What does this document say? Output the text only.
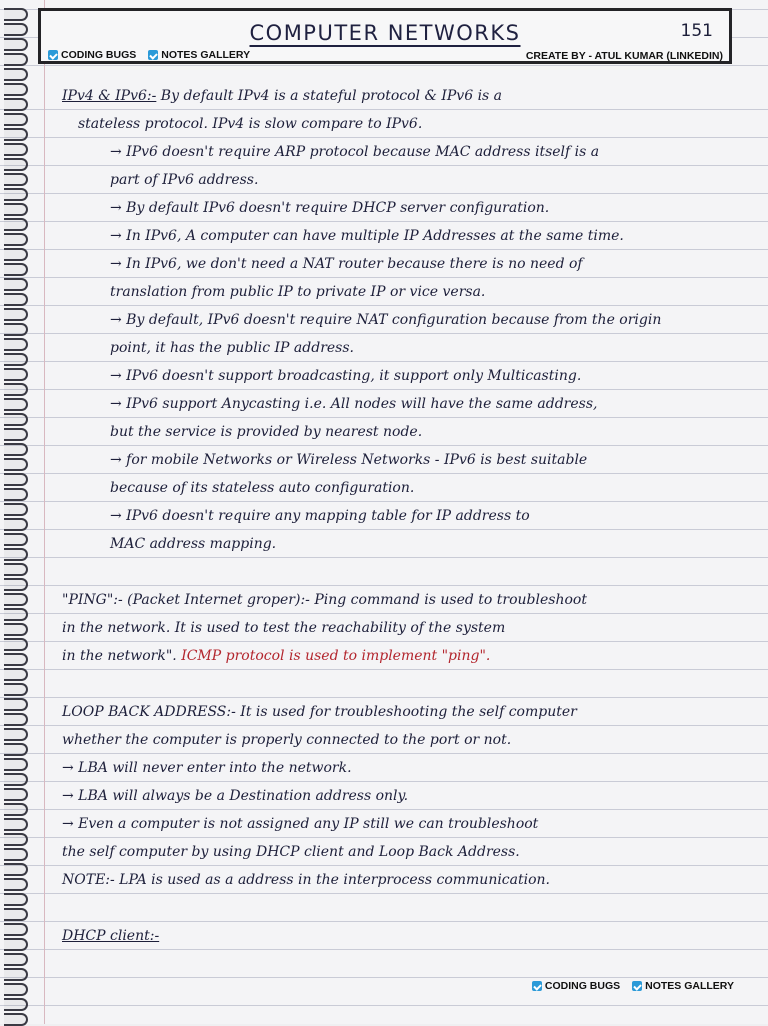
COMPUTER NETWORKS	151
CODING BUGS NOTES GALLERY	CREATE BY - ATUL KUMAR (LINKEDIN)
IPv4 & IPv6:- By default IPv4 is a stateful protocol & IPv6 is a
stateless protocol. IPv4 is slow compare to IPv6.
→ IPv6 doesn't require ARP protocol because MAC address itself is a
part of IPv6 address.
→ By default IPv6 doesn't require DHCP server configuration.
→ In IPv6, A computer can have multiple IP Addresses at the same time.
→ In IPv6, we don't need a NAT router because there is no need of
translation from public IP to private IP or vice versa.
→ By default, IPv6 doesn't require NAT configuration because from the origin
point, it has the public IP address.
→ IPv6 doesn't support broadcasting, it support only Multicasting.
→ IPv6 support Anycasting i.e. All nodes will have the same address,
but the service is provided by nearest node.
→ for mobile Networks or Wireless Networks - IPv6 is best suitable
because of its stateless auto configuration.
→ IPv6 doesn't require any mapping table for IP address to
MAC address mapping.
"PING":- (Packet Internet groper):- Ping command is used to troubleshoot
in the network. It is used to test the reachability of the system
in the network". ICMP protocol is used to implement "ping".
LOOP BACK ADDRESS:- It is used for troubleshooting the self computer
whether the computer is properly connected to the port or not.
→ LBA will never enter into the network.
→ LBA will always be a Destination address only.
→ Even a computer is not assigned any IP still we can troubleshoot
the self computer by using DHCP client and Loop Back Address.
NOTE:- LPA is used as a address in the interprocess communication.
DHCP client:-
CODING BUGS NOTES GALLERY
